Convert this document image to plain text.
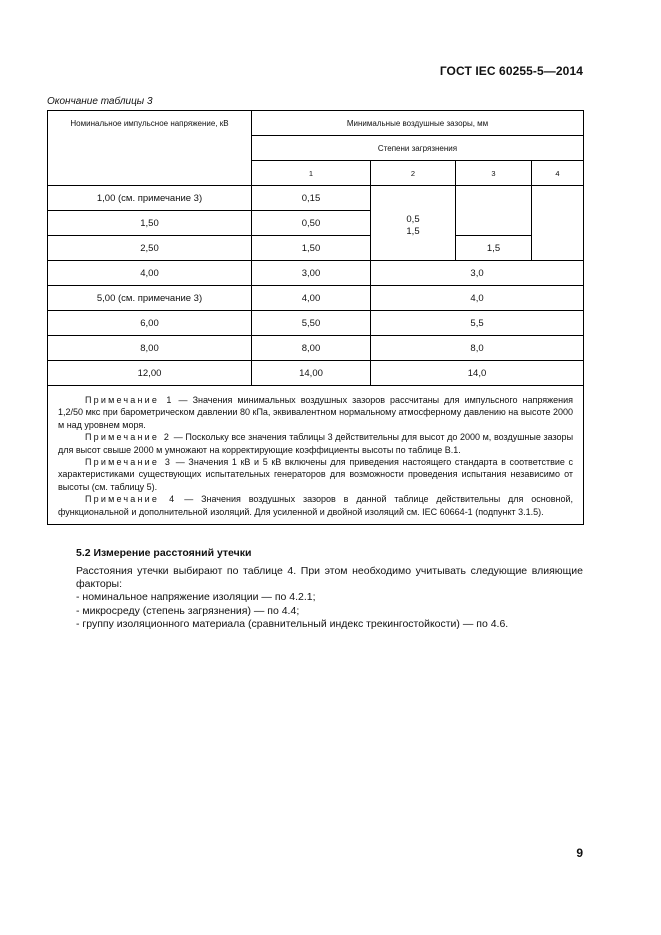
ГОСТ IEC 60255-5—2014
Окончание таблицы 3
Номинальное импульсное напряжение, кВ	Минимальные воздушные зазоры, мм			
	Степени загрязнения			
	1	2	3	4
1,00 (см. примечание 3)	0,15			
1,50	0,50	0,5
1,5		
2,50	1,50		1,5	
4,00	3,00	3,0		
5,00 (см. примечание 3)	4,00	4,0		
6,00	5,50	5,5		
8,00	8,00	8,0		
12,00	14,00	14,0		

Примечание 1 — Значения минимальных воздушных зазоров рассчитаны для импульсного напряжения 1,2/50 мкс при барометрическом давлении 80 кПа, эквивалентном нормальному атмосферному давлению на высоте 2000 м над уровнем моря.

Примечание 2 — Поскольку все значения таблицы 3 действительны для высот до 2000 м, воздушные зазоры для высот свыше 2000 м умножают на корректирующие коэффициенты высоты по таблице В.1.

Примечание 3 — Значения 1 кВ и 5 кВ включены для приведения настоящего стандарта в соответствие с характеристиками существующих испытательных генераторов для возможности проведения испытания независимо от высоты (см. таблицу 5).

Примечание 4 — Значения воздушных зазоров в данной таблице действительны для основной, функциональной и дополнительной изоляций. Для усиленной и двойной изоляций см. IEC 60664-1 (подпункт 3.1.5).				

5.2 Измерение расстояний утечки

Расстояния утечки выбирают по таблице 4. При этом необходимо учитывать следующие влияющие факторы:

- номинальное напряжение изоляции — по 4.2.1;
- микросреду (степень загрязнения) — по 4.4;
- группу изоляционного материала (сравнительный индекс трекингостойкости) — по 4.6.
9
